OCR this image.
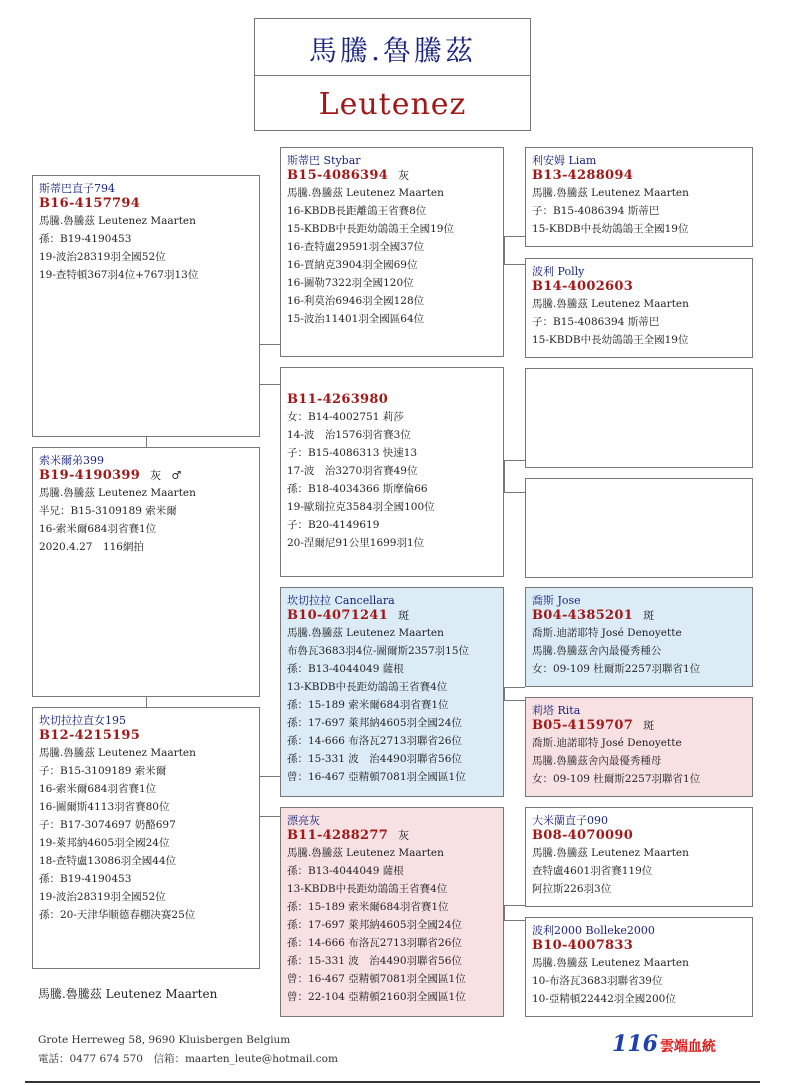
馬騰.魯騰茲
Leutenez
斯蒂巴直子794
B16-4157794
馬騰.魯騰茲 Leutenez Maarten
孫：B19-4190453
19-波治28319羽全國52位
19-查特頓367羽4位+767羽13位
索米爾弟399
B19-4190399 灰 ♂
馬騰.魯騰茲 Leutenez Maarten
半兄：B15-3109189 索米爾
16-索米爾684羽省賽1位
2020.4.27　116網拍
坎切拉拉直女195
B12-4215195
馬騰.魯騰茲 Leutenez Maarten
子：B15-3109189 索米爾
16-索米爾684羽省賽1位
16-圖爾斯4113羽省賽80位
子：B17-3074697 奶酪697
19-萊邦納4605羽全國24位
18-查特盧13086羽全國44位
孫：B19-4190453
19-波治28319羽全國52位
孫：20-天津华顺德春棚决赛25位
斯蒂巴 Stybar
B15-4086394 灰
馬騰.魯騰茲 Leutenez Maarten
16-KBDB長距離鴿王省賽8位
15-KBDB中長距幼鴿鴿王全國19位
16-查特盧29591羽全國37位
16-賈納克3904羽全國69位
16-圖勒7322羽全國120位
16-利莫治6946羽全國128位
15-波治11401羽全國區64位
B11-4263980
女：B14-4002751 莉莎
14-波　治1576羽省賽3位
子：B15-4086313 快速13
17-波　治3270羽省賽49位
孫：B18-4034366 斯摩倫66
19-歐瑞拉克3584羽全國100位
子：B20-4149619
20-涅爾尼91公里1699羽1位
坎切拉拉 Cancellara
B10-4071241 斑
馬騰.魯騰茲 Leutenez Maarten
布魯瓦3683羽4位-圖爾斯2357羽15位
孫：B13-4044049 薩根
13-KBDB中長距幼鴿鴿王省賽4位
孫：15-189 索米爾684羽省賽1位
孫：17-697 萊邦納4605羽全國24位
孫：14-666 布洛瓦2713羽聯省26位
孫：15-331 波　治4490羽聯省56位
曾：16-467 亞精頓7081羽全國區1位
漂亮灰
B11-4288277 灰
馬騰.魯騰茲 Leutenez Maarten
孫：B13-4044049 薩根
13-KBDB中長距幼鴿鴿王省賽4位
孫：15-189 索米爾684羽省賽1位
孫：17-697 萊邦納4605羽全國24位
孫：14-666 布洛瓦2713羽聯省26位
孫：15-331 波　治4490羽聯省56位
曾：16-467 亞精頓7081羽全國區1位
曾：22-104 亞精頓2160羽全國區1位
利安姆 Liam
B13-4288094
馬騰.魯騰茲 Leutenez Maarten
子：B15-4086394 斯蒂巴
15-KBDB中長幼鴿鴿王全國19位
波利 Polly
B14-4002603
馬騰.魯騰茲 Leutenez Maarten
子：B15-4086394 斯蒂巴
15-KBDB中長幼鴿鴿王全國19位
喬斯 Jose
B04-4385201 斑
喬斯.迪諾耶特 José Denoyette
馬騰.魯騰茲舍內最優秀種公
女：09-109 杜爾斯2257羽聯省1位
莉塔 Rita
B05-4159707 斑
喬斯.迪諾耶特 José Denoyette
馬騰.魯騰茲舍內最優秀種母
女：09-109 杜爾斯2257羽聯省1位
大米蘭直子090
B08-4070090
馬騰.魯騰茲 Leutenez Maarten
查特盧4601羽省賽119位
阿拉斯226羽3位
波利2000 Bolleke2000
B10-4007833
馬騰.魯騰茲 Leutenez Maarten
10-布洛瓦3683羽聯省39位
10-亞精頓22442羽全國200位
馬騰.魯騰茲 Leutenez Maarten
Grote Herreweg 58, 9690 Kluisbergen Belgium
電話：0477 674 570　信箱：maarten_leute@hotmail.com
116 雲端血統
